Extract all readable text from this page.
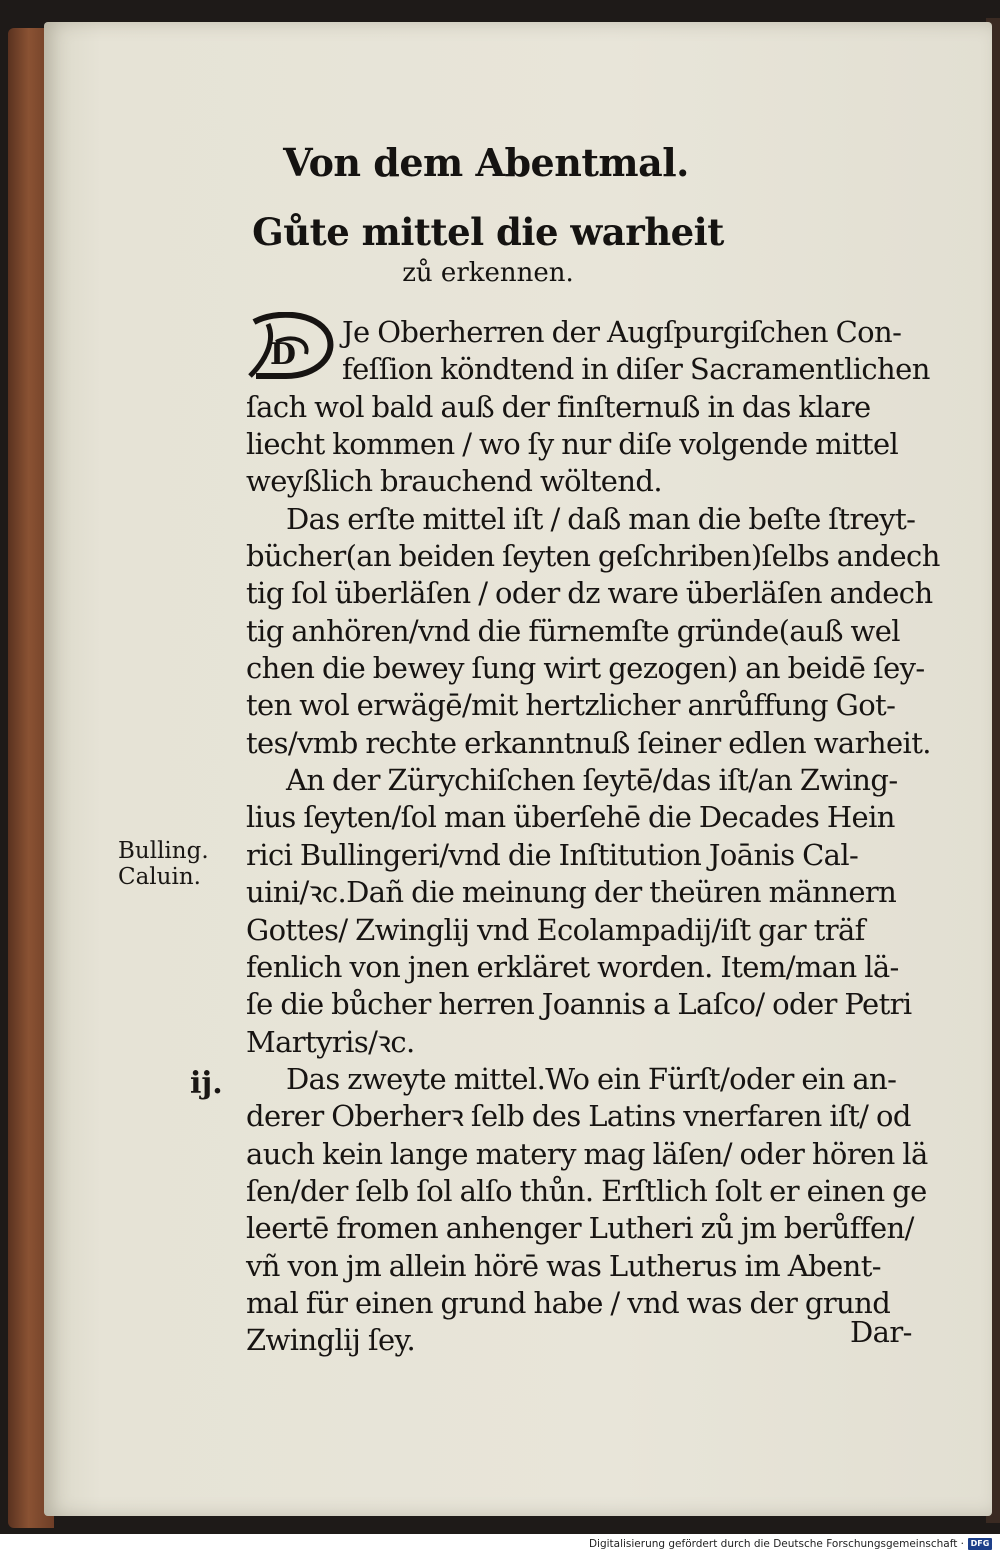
Von dem Abentmal.
Gůte mittel die warheit
zů erkennen.
D
Je Oberherren der Augſpurgiſchen Con‑
feſſion köndtend in diſer Sacramentlichen
ſach wol bald auß der finſternuß in das klare
liecht kommen / wo ſy nur diſe volgende mittel
weyßlich brauchend wöltend.
Das erſte mittel iſt / daß man die beſte ſtreyt‑
bücher(an beiden ſeyten geſchriben)ſelbs andech
tig ſol überläſen / oder dz ware überläſen andech
tig anhören/vnd die fürnemſte gründe(auß wel
chen die bewey ſung wirt gezogen) an beidē ſey‑
ten wol erwägē/mit hertzlicher anrůffung Got‑
tes/vmb rechte erkanntnuß ſeiner edlen warheit.
An der Zürychiſchen ſeytē/das iſt/an Zwing‑
lius ſeyten/ſol man überſehē die Decades Hein
rici Bullingeri/vnd die Inſtitution Joānis Cal‑
uini/ꝛc.Dañ die meinung der theüren männern
Gottes/ Zwinglij vnd Ecolampadij/iſt gar träf
fenlich von jnen erkläret worden. Item/man lä‑
ſe die bůcher herren Joannis a Laſco/ oder Petri
Martyris/ꝛc.
Das zweyte mittel.Wo ein Fürſt/oder ein an‑
derer Oberherꝛ ſelb des Latins vnerfaren iſt/ od
auch kein lange matery mag läſen/ oder hören lä
ſen/der ſelb ſol alſo thůn. Erſtlich ſolt er einen ge
leertē fromen anhenger Lutheri zů jm berůffen/
vñ von jm allein hörē was Lutherus im Abent‑
mal für einen grund habe / vnd was der grund
Zwinglij ſey.
Bulling.
Caluin.
ij.
Dar‑
Digitalisierung gefördert durch die Deutsche Forschungsgemeinschaft · DFG
